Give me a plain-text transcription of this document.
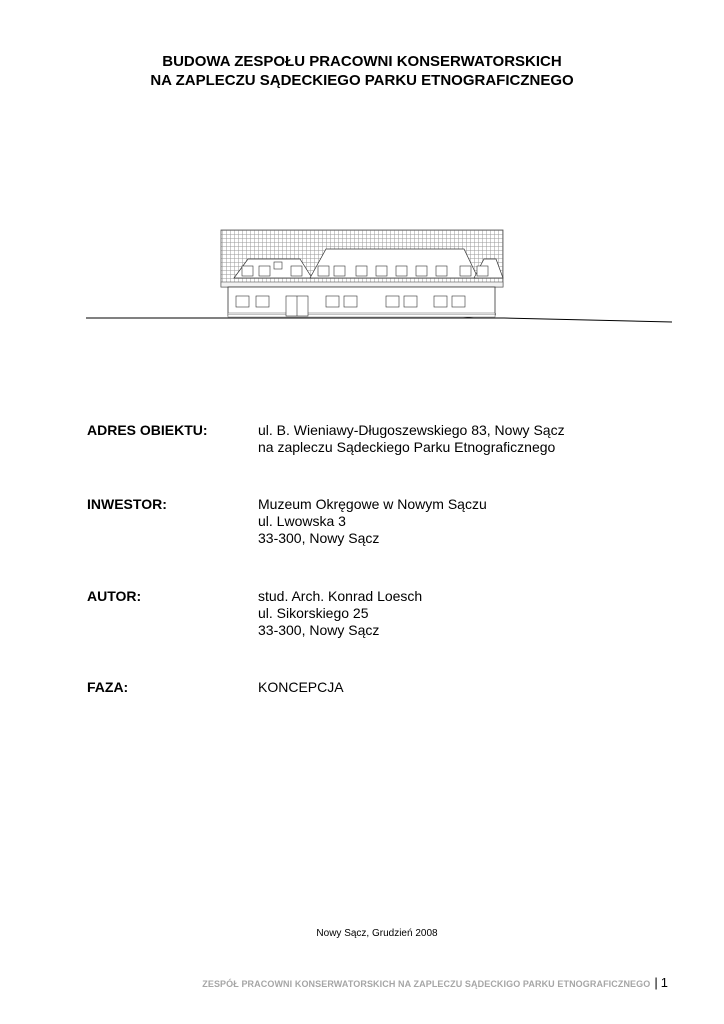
BUDOWA ZESPOŁU PRACOWNI KONSERWATORSKICH
NA ZAPLECZU SĄDECKIEGO PARKU ETNOGRAFICZNEGO
ADRES OBIEKTU:	ul. B. Wieniawy-Długoszewskiego 83, Nowy Sącz
na zapleczu Sądeckiego Parku Etnograficznego
INWESTOR:	Muzeum Okręgowe w Nowym Sączu
ul. Lwowska 3
33-300, Nowy Sącz
AUTOR:	stud. Arch. Konrad Loesch
ul. Sikorskiego 25
33-300, Nowy Sącz
FAZA:	KONCEPCJA
Nowy Sącz, Grudzień 2008
ZESPÓŁ PRACOWNI KONSERWATORSKICH NA ZAPLECZU SĄDECKIGO PARKU ETNOGRAFICZNEGO | 1
